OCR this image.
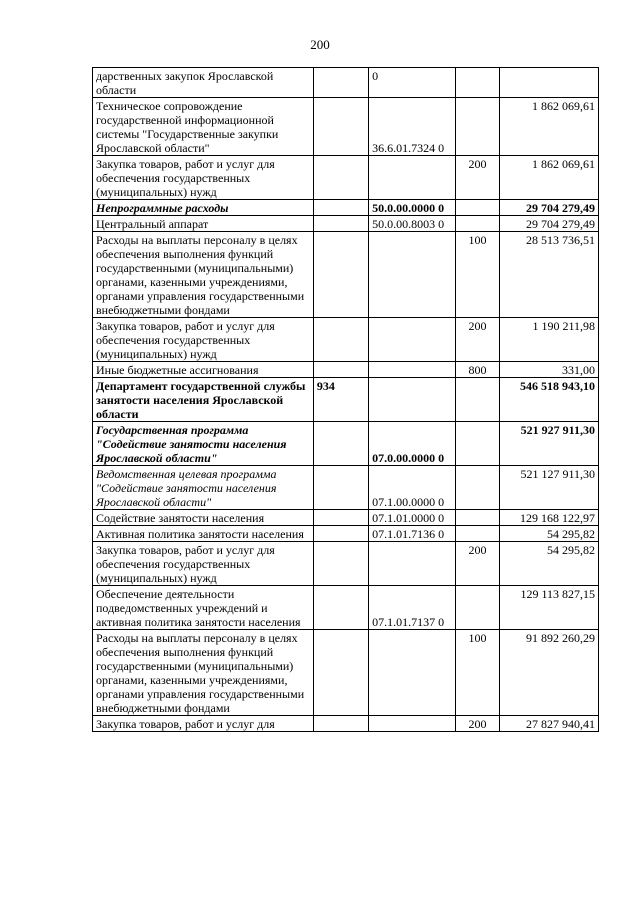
200
дарственных закупок Ярославской области		0		
Техническое сопровождение государственной информационной системы "Государственные закупки Ярославской области"		36.6.01.7324 0		1 862 069,61
Закупка товаров, работ и услуг для обеспечения государственных (муниципальных) нужд			200	1 862 069,61
Непрограммные расходы		50.0.00.0000 0		29 704 279,49
Центральный аппарат		50.0.00.8003 0		29 704 279,49
Расходы на выплаты персоналу в целях обеспечения выполнения функций государственными (муниципальными) органами, казенными учреждениями, органами управления государственными внебюджетными фондами			100	28 513 736,51
Закупка товаров, работ и услуг для обеспечения государственных (муниципальных) нужд			200	1 190 211,98
Иные бюджетные ассигнования			800	331,00
Департамент государственной службы занятости населения Ярославской области	934			546 518 943,10
Государственная программа "Содействие занятости населения Ярославской области"		07.0.00.0000 0		521 927 911,30
Ведомственная целевая программа "Содействие занятости населения Ярославской области"		07.1.00.0000 0		521 127 911,30
Содействие занятости населения		07.1.01.0000 0		129 168 122,97
Активная политика занятости населения		07.1.01.7136 0		54 295,82
Закупка товаров, работ и услуг для обеспечения государственных (муниципальных) нужд			200	54 295,82
Обеспечение деятельности подведомственных учреждений и активная политика занятости населения		07.1.01.7137 0		129 113 827,15
Расходы на выплаты персоналу в целях обеспечения выполнения функций государственными (муниципальными) органами, казенными учреждениями, органами управления государственными внебюджетными фондами			100	91 892 260,29
Закупка товаров, работ и услуг для			200	27 827 940,41
